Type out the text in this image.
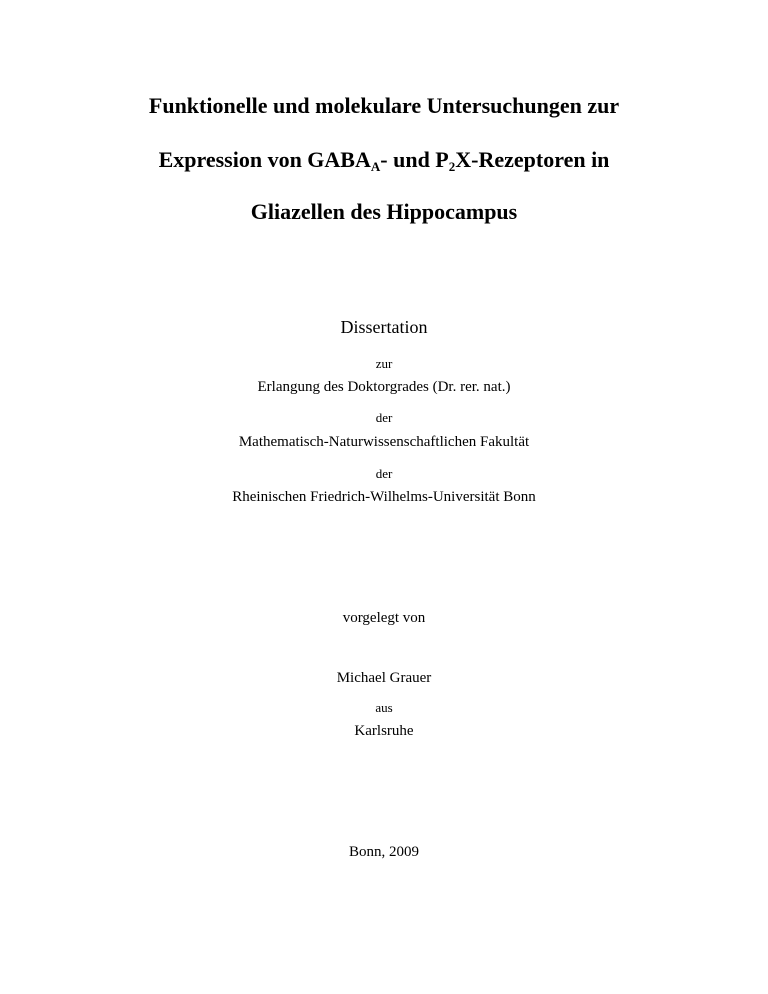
Funktionelle und molekulare Untersuchungen zur
Expression von $GABA_A-$ und $P_2X$-Rezeptoren in
Gliazellen des Hippocampus
Dissertation
zur
Erlangung des Doktorgrades (Dr. rer. nat.)
der
Mathematisch-Naturwissenschaftlichen Fakultät
der
Rheinischen Friedrich-Wilhelms-Universität Bonn
vorgelegt von
Michael Grauer
aus
Karlsruhe
Bonn, 2009
